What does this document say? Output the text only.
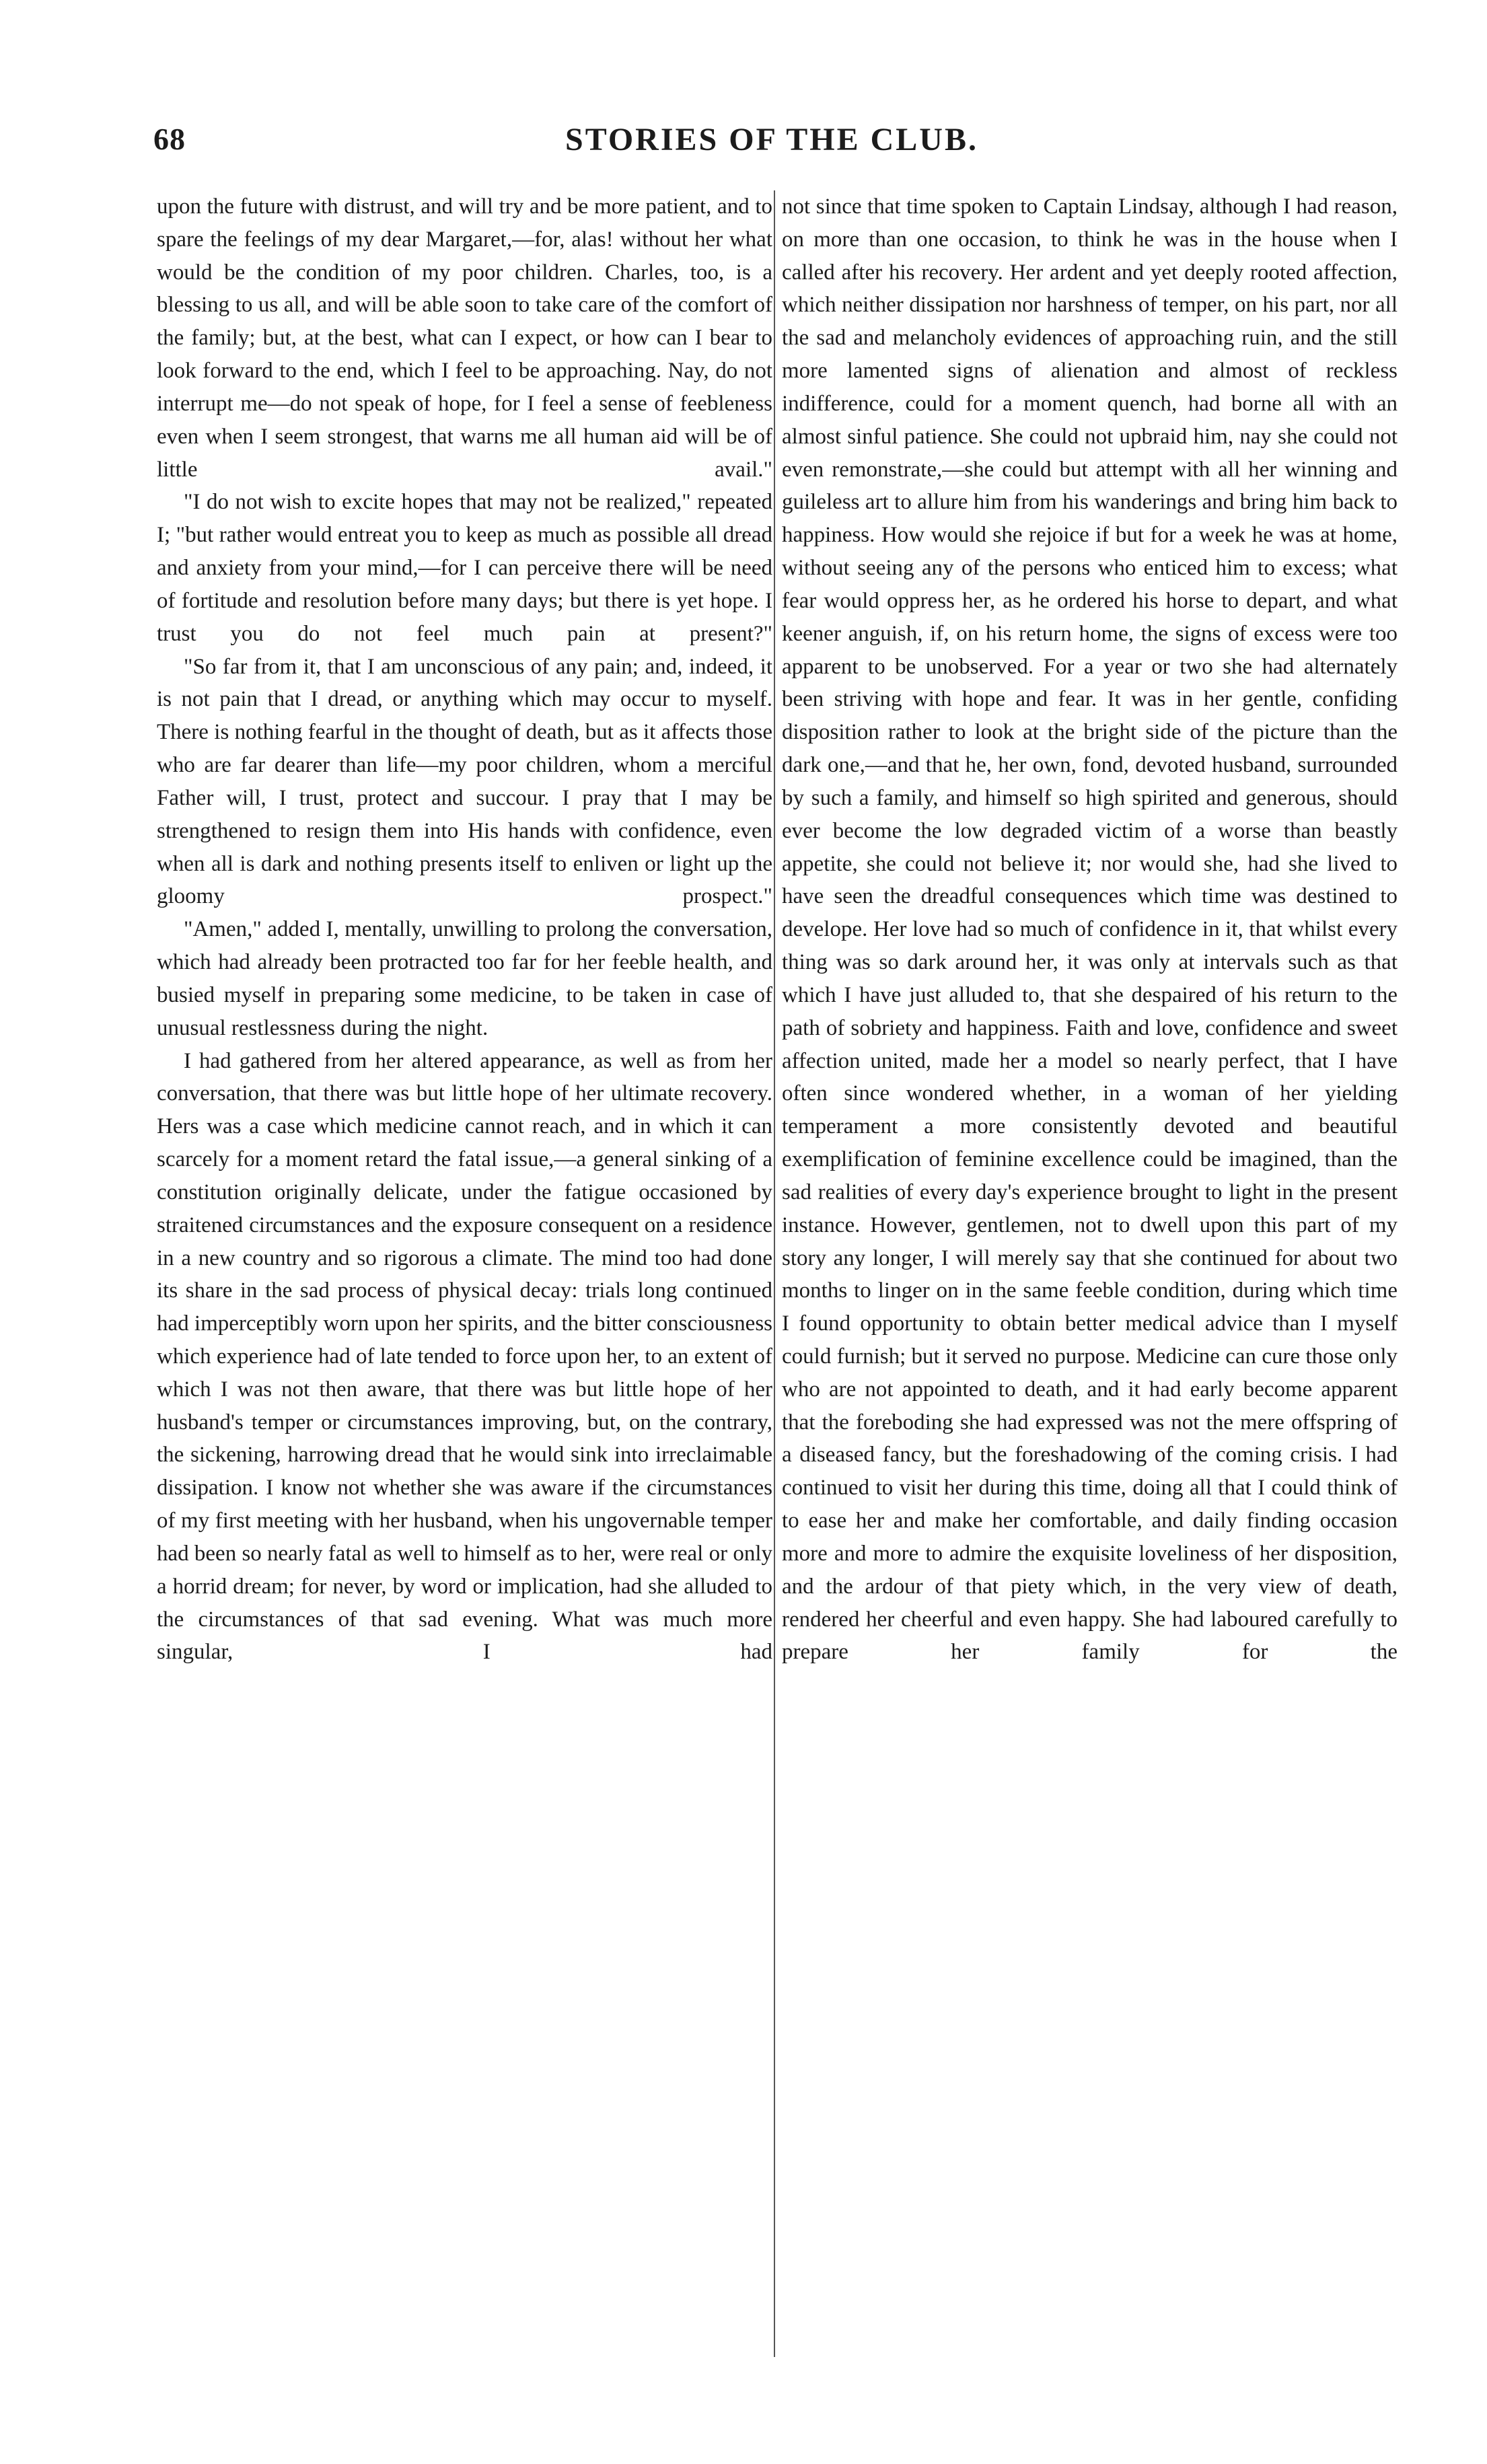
68	STORIES OF THE CLUB.

upon the future with distrust, and will try and be more patient, and to spare the feelings of my dear Margaret,—for, alas! without her what would be the condition of my poor children. Charles, too, is a blessing to us all, and will be able soon to take care of the comfort of the family; but, at the best, what can I expect, or how can I bear to look forward to the end, which I feel to be approaching. Nay, do not interrupt me—do not speak of hope, for I feel a sense of feebleness even when I seem strongest, that warns me all human aid will be of little avail."

"I do not wish to excite hopes that may not be realized," repeated I; "but rather would entreat you to keep as much as possible all dread and anxiety from your mind,—for I can perceive there will be need of fortitude and resolution before many days; but there is yet hope. I trust you do not feel much pain at present?"

"So far from it, that I am unconscious of any pain; and, indeed, it is not pain that I dread, or anything which may occur to myself. There is nothing fearful in the thought of death, but as it affects those who are far dearer than life—my poor children, whom a merciful Father will, I trust, protect and succour. I pray that I may be strengthened to resign them into His hands with confidence, even when all is dark and nothing presents itself to enliven or light up the gloomy prospect."

"Amen," added I, mentally, unwilling to prolong the conversation, which had already been protracted too far for her feeble health, and busied myself in preparing some medicine, to be taken in case of unusual restlessness during the night.

I had gathered from her altered appearance, as well as from her conversation, that there was but little hope of her ultimate recovery. Hers was a case which medicine cannot reach, and in which it can scarcely for a moment retard the fatal issue,—a general sinking of a constitution originally delicate, under the fatigue occasioned by straitened circumstances and the exposure consequent on a residence in a new country and so rigorous a climate. The mind too had done its share in the sad process of physical decay: trials long continued had imperceptibly worn upon her spirits, and the bitter consciousness which experience had of late tended to force upon her, to an extent of which I was not then aware, that there was but little hope of her husband's temper or circumstances improving, but, on the contrary, the sickening, harrowing dread that he would sink into irreclaimable dissipation. I know not whether she was aware if the circumstances of my first meeting with her husband, when his ungovernable temper had been so nearly fatal as well to himself as to her, were real or only a horrid dream; for never, by word or implication, had she alluded to the circumstances of that sad evening. What was much more singular, I had

not since that time spoken to Captain Lindsay, although I had reason, on more than one occasion, to think he was in the house when I called after his recovery. Her ardent and yet deeply rooted affection, which neither dissipation nor harshness of temper, on his part, nor all the sad and melancholy evidences of approaching ruin, and the still more lamented signs of alienation and almost of reckless indifference, could for a moment quench, had borne all with an almost sinful patience. She could not upbraid him, nay she could not even remonstrate,—she could but attempt with all her winning and guileless art to allure him from his wanderings and bring him back to happiness. How would she rejoice if but for a week he was at home, without seeing any of the persons who enticed him to excess; what fear would oppress her, as he ordered his horse to depart, and what keener anguish, if, on his return home, the signs of excess were too apparent to be unobserved. For a year or two she had alternately been striving with hope and fear. It was in her gentle, confiding disposition rather to look at the bright side of the picture than the dark one,—and that he, her own, fond, devoted husband, surrounded by such a family, and himself so high spirited and generous, should ever become the low degraded victim of a worse than beastly appetite, she could not believe it; nor would she, had she lived to have seen the dreadful consequences which time was destined to develope. Her love had so much of confidence in it, that whilst every thing was so dark around her, it was only at intervals such as that which I have just alluded to, that she despaired of his return to the path of sobriety and happiness. Faith and love, confidence and sweet affection united, made her a model so nearly perfect, that I have often since wondered whether, in a woman of her yielding temperament a more consistently devoted and beautiful exemplification of feminine excellence could be imagined, than the sad realities of every day's experience brought to light in the present instance. However, gentlemen, not to dwell upon this part of my story any longer, I will merely say that she continued for about two months to linger on in the same feeble condition, during which time I found opportunity to obtain better medical advice than I myself could furnish; but it served no purpose. Medicine can cure those only who are not appointed to death, and it had early become apparent that the foreboding she had expressed was not the mere offspring of a diseased fancy, but the foreshadowing of the coming crisis. I had continued to visit her during this time, doing all that I could think of to ease her and make her comfortable, and daily finding occasion more and more to admire the exquisite loveliness of her disposition, and the ardour of that piety which, in the very view of death, rendered her cheerful and even happy. She had laboured carefully to prepare her family for the
